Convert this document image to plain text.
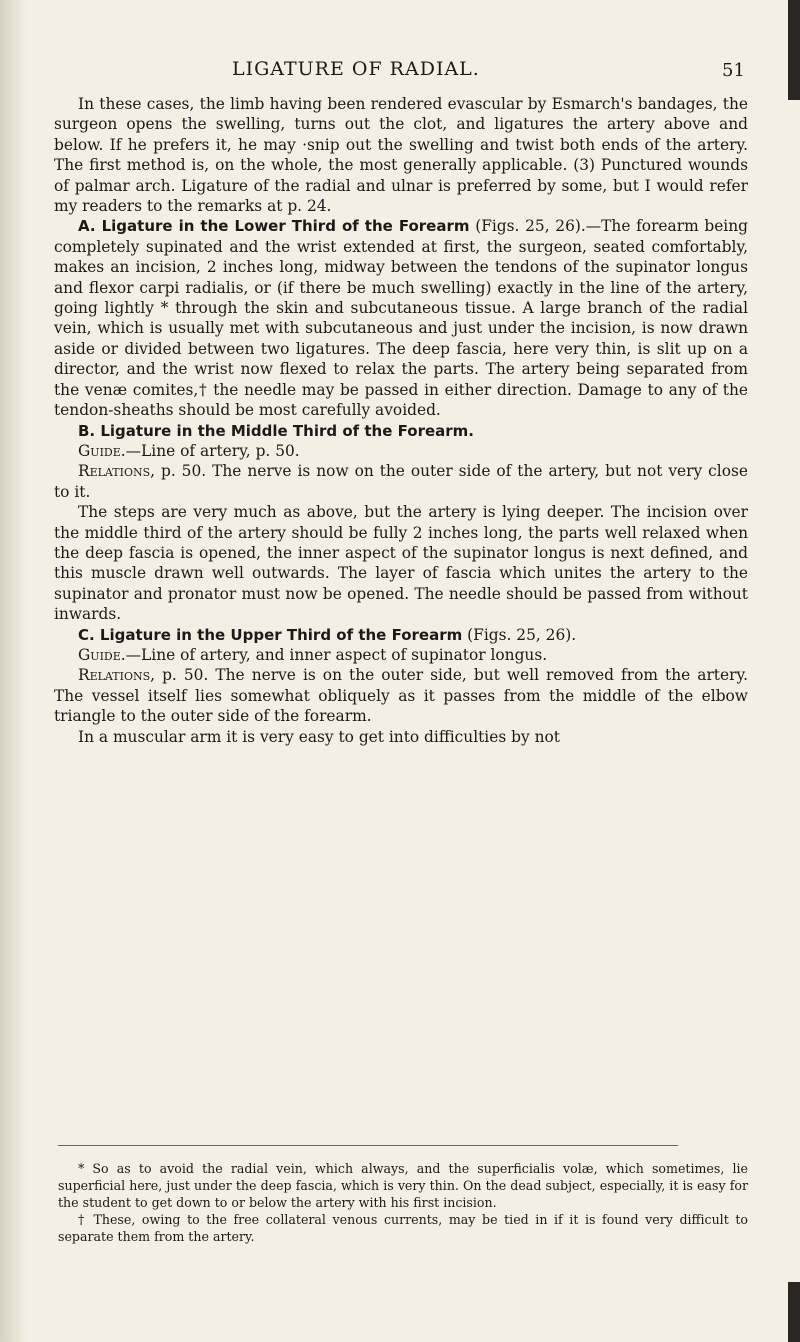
LIGATURE OF RADIAL.	51

In these cases, the limb having been rendered evascular by Esmarch's bandages, the surgeon opens the swelling, turns out the clot, and ligatures the artery above and below. If he prefers it, he may ·snip out the swelling and twist both ends of the artery. The first method is, on the whole, the most generally applicable. (3) Punctured wounds of palmar arch. Ligature of the radial and ulnar is preferred by some, but I would refer my readers to the remarks at p. 24.

A. Ligature in the Lower Third of the Forearm (Figs. 25, 26).—The forearm being completely supinated and the wrist extended at first, the surgeon, seated comfortably, makes an incision, 2 inches long, midway between the tendons of the supinator longus and flexor carpi radialis, or (if there be much swelling) exactly in the line of the artery, going lightly * through the skin and subcutaneous tissue. A large branch of the radial vein, which is usually met with subcutaneous and just under the incision, is now drawn aside or divided between two ligatures. The deep fascia, here very thin, is slit up on a director, and the wrist now flexed to relax the parts. The artery being separated from the venæ comites,† the needle may be passed in either direction. Damage to any of the tendon-sheaths should be most carefully avoided.

B. Ligature in the Middle Third of the Forearm.

Guide.—Line of artery, p. 50.

Relations, p. 50. The nerve is now on the outer side of the artery, but not very close to it.

The steps are very much as above, but the artery is lying deeper. The incision over the middle third of the artery should be fully 2 inches long, the parts well relaxed when the deep fascia is opened, the inner aspect of the supinator longus is next defined, and this muscle drawn well outwards. The layer of fascia which unites the artery to the supinator and pronator must now be opened. The needle should be passed from without inwards.

C. Ligature in the Upper Third of the Forearm (Figs. 25, 26).

Guide.—Line of artery, and inner aspect of supinator longus.

Relations, p. 50. The nerve is on the outer side, but well removed from the artery. The vessel itself lies somewhat obliquely as it passes from the middle of the elbow triangle to the outer side of the forearm.

In a muscular arm it is very easy to get into difficulties by not

* So as to avoid the radial vein, which always, and the superficialis volæ, which sometimes, lie superficial here, just under the deep fascia, which is very thin. On the dead subject, especially, it is easy for the student to get down to or below the artery with his first incision.

† These, owing to the free collateral venous currents, may be tied in if it is found very difficult to separate them from the artery.
